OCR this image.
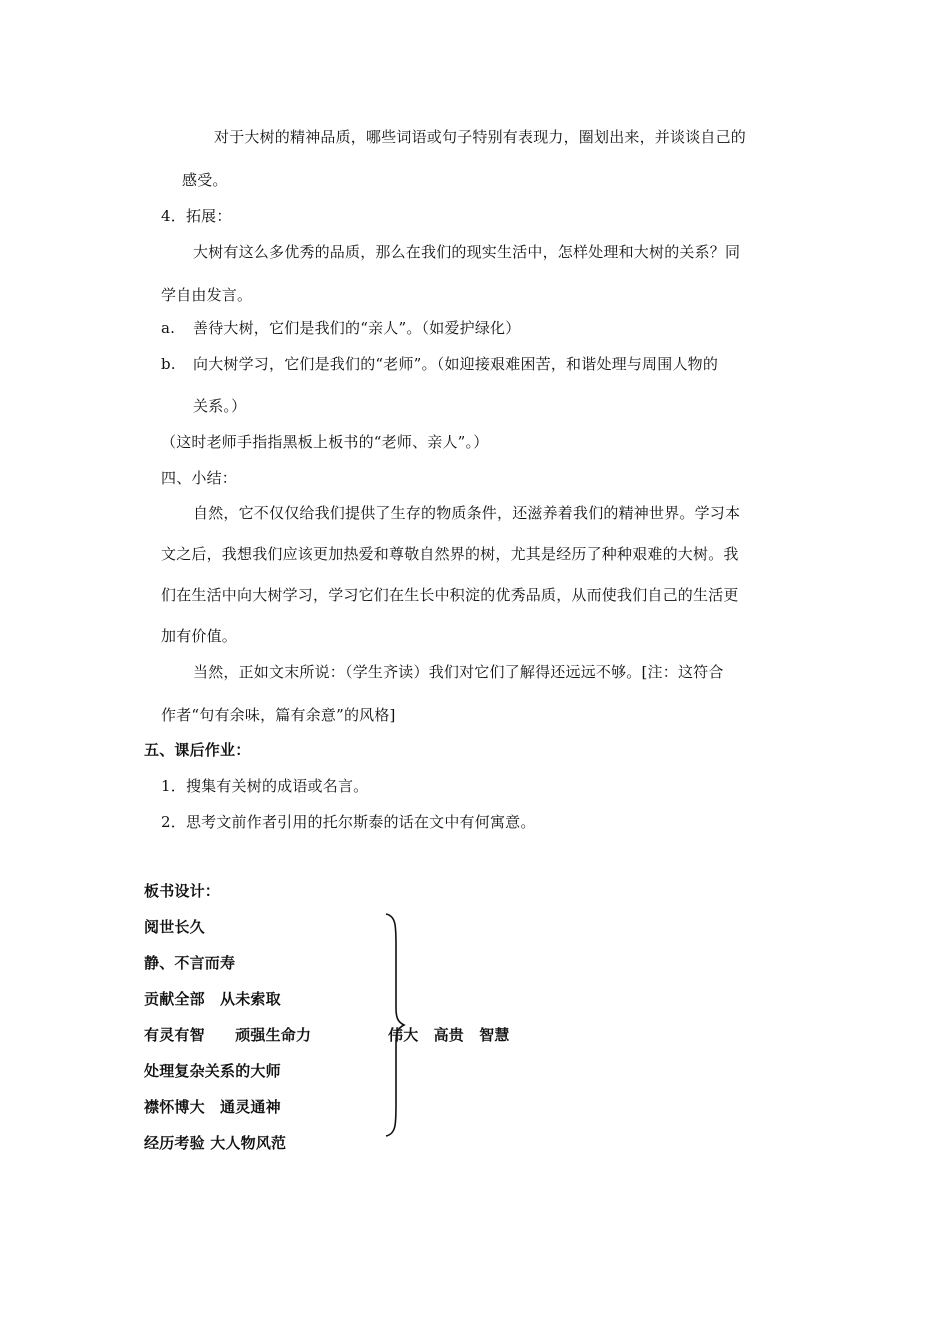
对于大树的精神品质，哪些词语或句子特别有表现力，圈划出来，并谈谈自己的
感受。
4．拓展：
大树有这么多优秀的品质，那么在我们的现实生活中，怎样处理和大树的关系？同
学自由发言。
a. 善待大树，它们是我们的“亲人”。（如爱护绿化）
b. 向大树学习，它们是我们的“老师”。（如迎接艰难困苦，和谐处理与周围人物的
关系。）
（这时老师手指指黑板上板书的“老师、亲人”。）
四、小结：
自然，它不仅仅给我们提供了生存的物质条件，还滋养着我们的精神世界。学习本
文之后，我想我们应该更加热爱和尊敬自然界的树，尤其是经历了种种艰难的大树。我
们在生活中向大树学习，学习它们在生长中积淀的优秀品质，从而使我们自己的生活更
加有价值。
当然，正如文末所说：（学生齐读）我们对它们了解得还远远不够。[注：这符合
作者“句有余味，篇有余意”的风格]
五、课后作业：
1．搜集有关树的成语或名言。
2．思考文前作者引用的托尔斯泰的话在文中有何寓意。
板书设计：
阅世长久
静、不言而寿
贡献全部　从未索取
有灵有智　　顽强生命力
处理复杂关系的大师
襟怀博大　通灵通神
经历考验 大人物风范
伟大　高贵　智慧
